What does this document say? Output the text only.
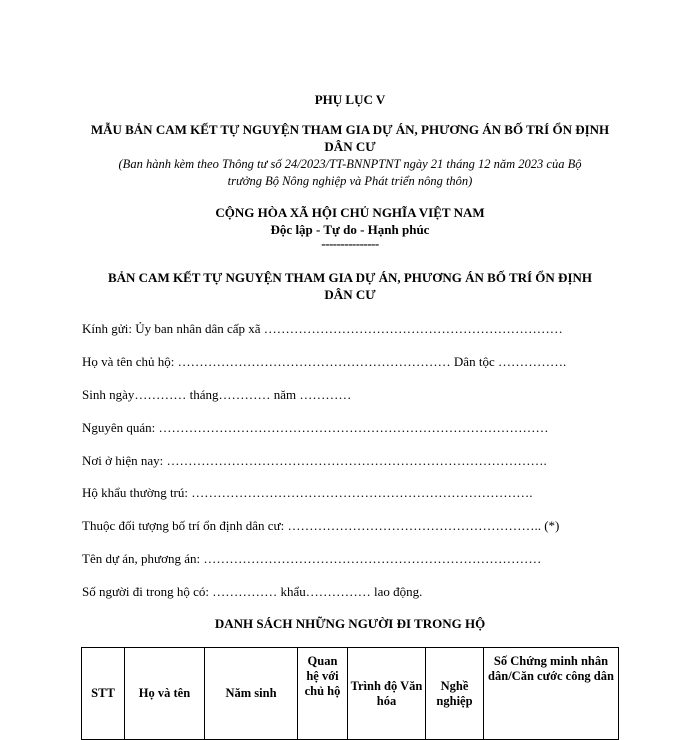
PHỤ LỤC V
MẪU BẢN CAM KẾT TỰ NGUYỆN THAM GIA DỰ ÁN, PHƯƠNG ÁN BỐ TRÍ ỔN ĐỊNH
DÂN CƯ
(Ban hành kèm theo Thông tư số 24/2023/TT-BNNPTNT ngày 21 tháng 12 năm 2023 của Bộ
trưởng Bộ Nông nghiệp và Phát triển nông thôn)
CỘNG HÒA XÃ HỘI CHỦ NGHĨA VIỆT NAM
Độc lập - Tự do - Hạnh phúc
---------------
BẢN CAM KẾT TỰ NGUYỆN THAM GIA DỰ ÁN, PHƯƠNG ÁN BỐ TRÍ ỔN ĐỊNH
DÂN CƯ
Kính gửi: Ủy ban nhân dân cấp xã ……………………………………………………………
Họ và tên chủ hộ: ……………………………………………………… Dân tộc …………….
Sinh ngày………… tháng………… năm …………
Nguyên quán: ………………………………………………………………………………
Nơi ở hiện nay: …………………………………………………………………………….
Hộ khẩu thường trú: …………………………………………………………………….
Thuộc đối tượng bố trí ổn định dân cư: ………………………………………………….. (*)
Tên dự án, phương án: ……………………………………………………………………
Số người đi trong hộ có: …………… khẩu…………… lao động.
DANH SÁCH NHỮNG NGƯỜI ĐI TRONG HỘ
STT	Họ và tên	Năm sinh	Quan hệ với chủ hộ	Trình độ Văn hóa	Nghề nghiệp	Số Chứng minh nhân dân/Căn cước công dân
